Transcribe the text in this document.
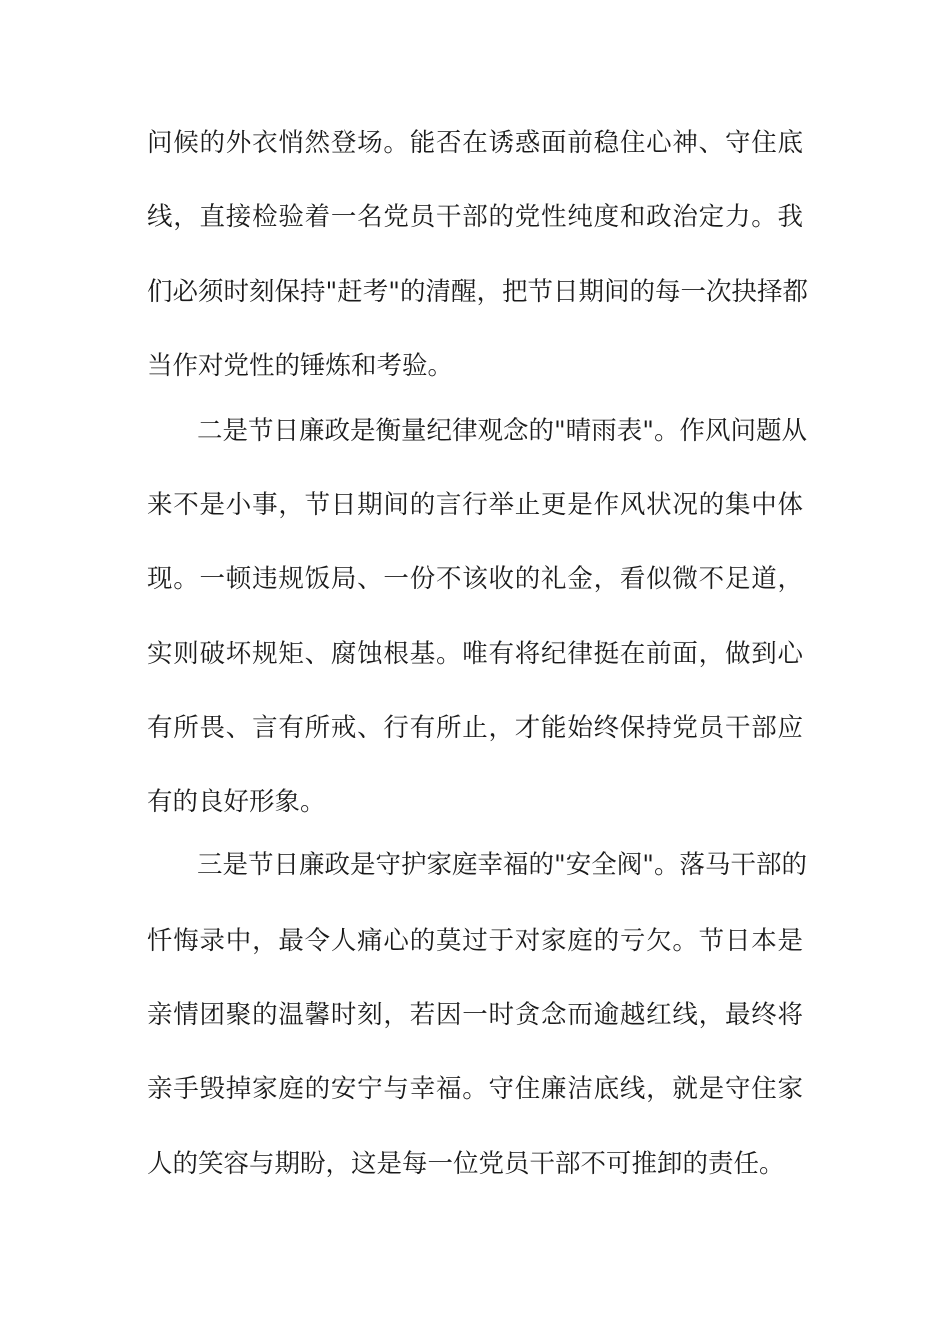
问候的外衣悄然登场。能否在诱惑面前稳住心神、守住底
线，直接检验着一名党员干部的党性纯度和政治定力。我
们必须时刻保持"赶考"的清醒，把节日期间的每一次抉择都
当作对党性的锤炼和考验。
二是节日廉政是衡量纪律观念的"晴雨表"。作风问题从
来不是小事，节日期间的言行举止更是作风状况的集中体
现。一顿违规饭局、一份不该收的礼金，看似微不足道，
实则破坏规矩、腐蚀根基。唯有将纪律挺在前面，做到心
有所畏、言有所戒、行有所止，才能始终保持党员干部应
有的良好形象。
三是节日廉政是守护家庭幸福的"安全阀"。落马干部的
忏悔录中，最令人痛心的莫过于对家庭的亏欠。节日本是
亲情团聚的温馨时刻，若因一时贪念而逾越红线，最终将
亲手毁掉家庭的安宁与幸福。守住廉洁底线，就是守住家
人的笑容与期盼，这是每一位党员干部不可推卸的责任。
